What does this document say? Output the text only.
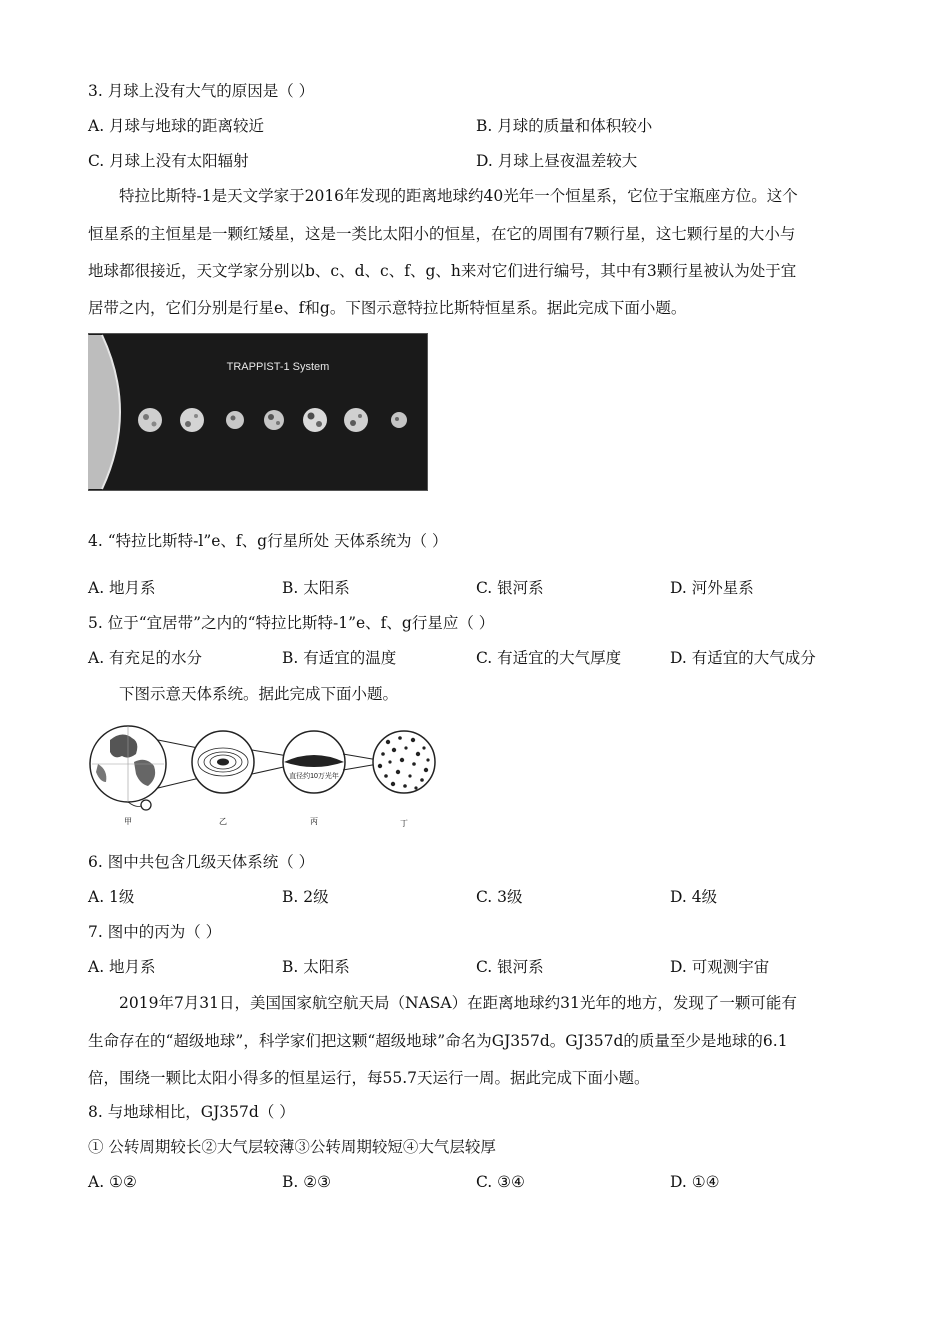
3. 月球上没有大气的原因是（ ）
A. 月球与地球的距离较近	B. 月球的质量和体积较小
C. 月球上没有太阳辐射	D. 月球上昼夜温差较大
特拉比斯特-1是天文学家于2016年发现的距离地球约40光年一个恒星系，它位于宝瓶座方位。这个
恒星系的主恒星是一颗红矮星，这是一类比太阳小的恒星，在它的周围有7颗行星，这七颗行星的大小与
地球都很接近，天文学家分别以b、c、d、c、f、g、h来对它们进行编号，其中有3颗行星被认为处于宜
居带之内，它们分别是行星e、f和g。下图示意特拉比斯特恒星系。据此完成下面小题。
TRAPPIST-1 System
4. “特拉比斯特-l”e、f、g行星所处 天体系统为（ ）
A. 地月系	B. 太阳系	C. 银河系	D. 河外星系
5. 位于“宜居带”之内的“特拉比斯特-1”e、f、g行星应（ ）
A. 有充足的水分	B. 有适宜的温度	C. 有适宜的大气厚度	D. 有适宜的大气成分
下图示意天体系统。据此完成下面小题。
直径约10万光年
甲	乙	丙	丁
6. 图中共包含几级天体系统（ ）
A. 1级	B. 2级	C. 3级	D. 4级
7. 图中的丙为（ ）
A. 地月系	B. 太阳系	C. 银河系	D. 可观测宇宙
2019年7月31日，美国国家航空航天局（NASA）在距离地球约31光年的地方，发现了一颗可能有
生命存在的“超级地球”，科学家们把这颗“超级地球”命名为GJ357d。GJ357d的质量至少是地球的6.1
倍，围绕一颗比太阳小得多的恒星运行，每55.7天运行一周。据此完成下面小题。
8. 与地球相比，GJ357d（ ）
① 公转周期较长②大气层较薄③公转周期较短④大气层较厚
A. ①②	B. ②③	C. ③④	D. ①④
